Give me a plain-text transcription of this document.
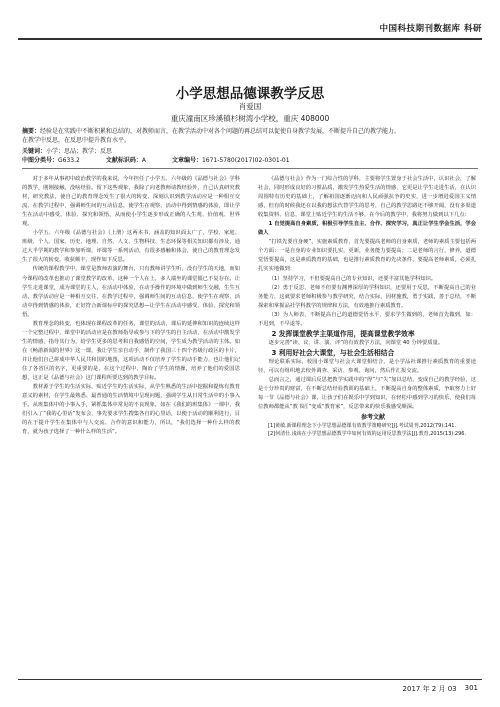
中国科技期刊数据库 科研
小学思想品德课教学反思
肖爱国
重庆潼南区珍溪镇杉树湾小学校，重庆 408000
摘要：经验是在实践中不断积累和总结的，对教师而言，在教学活动中对各个问题的再总结可以促使自身教学发展，不断提升自己的教学能力。
在教学中反思，在反思中提升教育水平。
关键词：小学；思品；教学；反思
中图分类号：G633.2	文献标识码：A	文章编号：1671-5780(2017)02-0301-01

对于多年从事初中政治教学的我来说，今年担任了小学五、六年级的《品德与社会》学科的教学，刚刚接触，没啥经验。留下这些观象，我除了向老教师请教经验外，自己认真研究教材，研究教法，使自己的教育理念发生了很大的转变，深刻认识到教学活动应是一种相互交流，在教学过程中，强调师生间的互动信息，使学生在观察，活动中得到情感的体验，即让学生在活动中感受、体验、探究和领悟，从而使小学生逐步形成正确的人生观、价值观、世界观。

小学五、六年级《品德与社会》（上册）这两本书，涵盖的知识面太广了，学校、家庭、班级、个人、国家、历史、地理、自然、人文、生物科技、生态环保等相关知识都有涉及，通过大半学期的教学和参加听课，评课等一系列活动，有很多感触和体会，使自己的教育理念发生了很大的转变，收获颇丰，现作如下反思。

传统的课程教学中，课堂是教师表演的舞台，只有教师讲学生听，没有学生的天地，而如今课程的改革也推动了课堂教学的改革，这种一个人在上，多人端坐的课堂僵已不复存在。让学生走进课堂，成为课堂的主人，在活动中体验，在动手操作的环境中做到师生交融，生生互动，教学活动应是一种相互交往，在教学过程中，强调师生间的互动信息，使学生在观察，活动中得到情感的体验，正好符合新课标中的探究思想—让学生在活动中感受、体验、探究和领悟。

教育理念的转变，也体现在课程改革的任务，课堂的活动，课后的延伸和知识的连续这样一个完整过程中，课堂中的活动应是在教师指导或参与下的学生的自主活动，在活动中激发学生的情感，指导其行为，给学生更多的思考和自我感悟的空间，学生成为教学活动的主体。如在《畅游新闻的世界》这一课，我让学生亲自动手，制作了我国三十四个省级行政区的卡片，并让他们自己拼成中华人民共和国的地图，这项活动不仅培养了学生的动手能力，也让他们记住了各省区的名字，更重要的是，在这个过程中，陶冶了学生的情操，培养了他们的爱国思想，这正是《品德与社会》这门课程所要达到的教学目标。

教材源于学生的生活实际，贴近学生的生活实际，从学生熟悉的生活中挖掘和提炼有教育意义的素材，在学生最熟悉、最普通的生活情境中呈现问题，强调学生从日常生活中的小事入手。从班集体中的小事入手，紧抓集体中常见的不良现象，如在《我们的班集体》一课中，我们引入了“我的心里话”发布会，事先要求学生搜集各自的心里话，以便于活动的顺利进行，目的在于提升学生在集体中与人交流、合作的意识和能力，所以，“我们选择一种什么样的教育，就为孩子选择了一种什么样的生活”。

《品德与社会》作为一门综合性的学科，主要将学生置身于社会生活中，认识社会，了解社会，同时形成良好的习惯品质，激发学生热爱生活的情感，它更是让学生走进生活，在认识周围特有历史的基础上，了解祖国逐渐迈向和人民顽强抗争的史实，进一步增进爱国主义情感，但有的时候我还在以我的想法代替学生的思考，自己的教学思路还不够开阔，没有多渠道收集资料、信息，课堂上贴近学生的生活不够，在今后的教学中，我将努力做到以下几点：

1 自觉提高自身素质，积极引导学生自主、合作、探究学习，真正让学生学会生活，学会做人

“打铁先要自身硬”，实施素质教育，首先要提高老师的自身素质，老师的素质主要包括两个方面：一是自身的专业知识要扎实，更新，业务能力要提高；二是老师的言行，修养，道德觉悟要提高，这是素质教育的基础，也是推行素质教育的先决条件，要提高老师素质，必须扎扎实实地做到：

（1）坚持学习，不但要提高自己的专业知识，还要丰富其他学科知识。

（2）勇于反思，老师不但要有渊博深厚的学科知识，还要用于反思，不断提高自己的业务能力，这就要求老师积极参与教学研究，结合实际，因材施教，勇于实践，善于总结，不断探索和掌握品社学科教学的规律和方法，有效地推行素质教育。

（3）为人师表，不断提高自己的道德觉悟水平，要求学生做到的，老师首先做到，如：不迟到，不早退等。

2 发挥课堂教学主渠道作用，提高课堂教学效率

逐步完善“读、议、讲、演、评”的有效教学方法，向课堂 40 分钟要质量。

3 利用好社会大课堂，与社会生活相结合

理论联系实际，校园小课堂与社会大课堂相结合，是小学品社课推行素质教育的重要途径，可以有组织地去校外调查、采访、参观、询问，然后作汇报交流。

总而言之，通过课后反思把教学实践中的“得”与“失”加以总结，变成自己的教学经验，这是十分珍贵的财富，在不断总结经验教训的基础上，不断提高自身的整体素质，争取努力上好每一节《品德与社会》课，让孩子们在娱乐中学到知识，在轻松中感到学习的快乐，使我们每位教师都能从“教书匠”变成“教育家”，反思带来的快乐我感受颇深。

参考文献

[1]黄敏.新课程理念下小学思想品德课有效教学策略研究[J].考试周刊,2012(79):141.

[2]何清仕.浅谈在小学思想品德教学中如何有效的运用反思教学法[J].教育,2015(13):296.

2017 年 2 月 03 301
